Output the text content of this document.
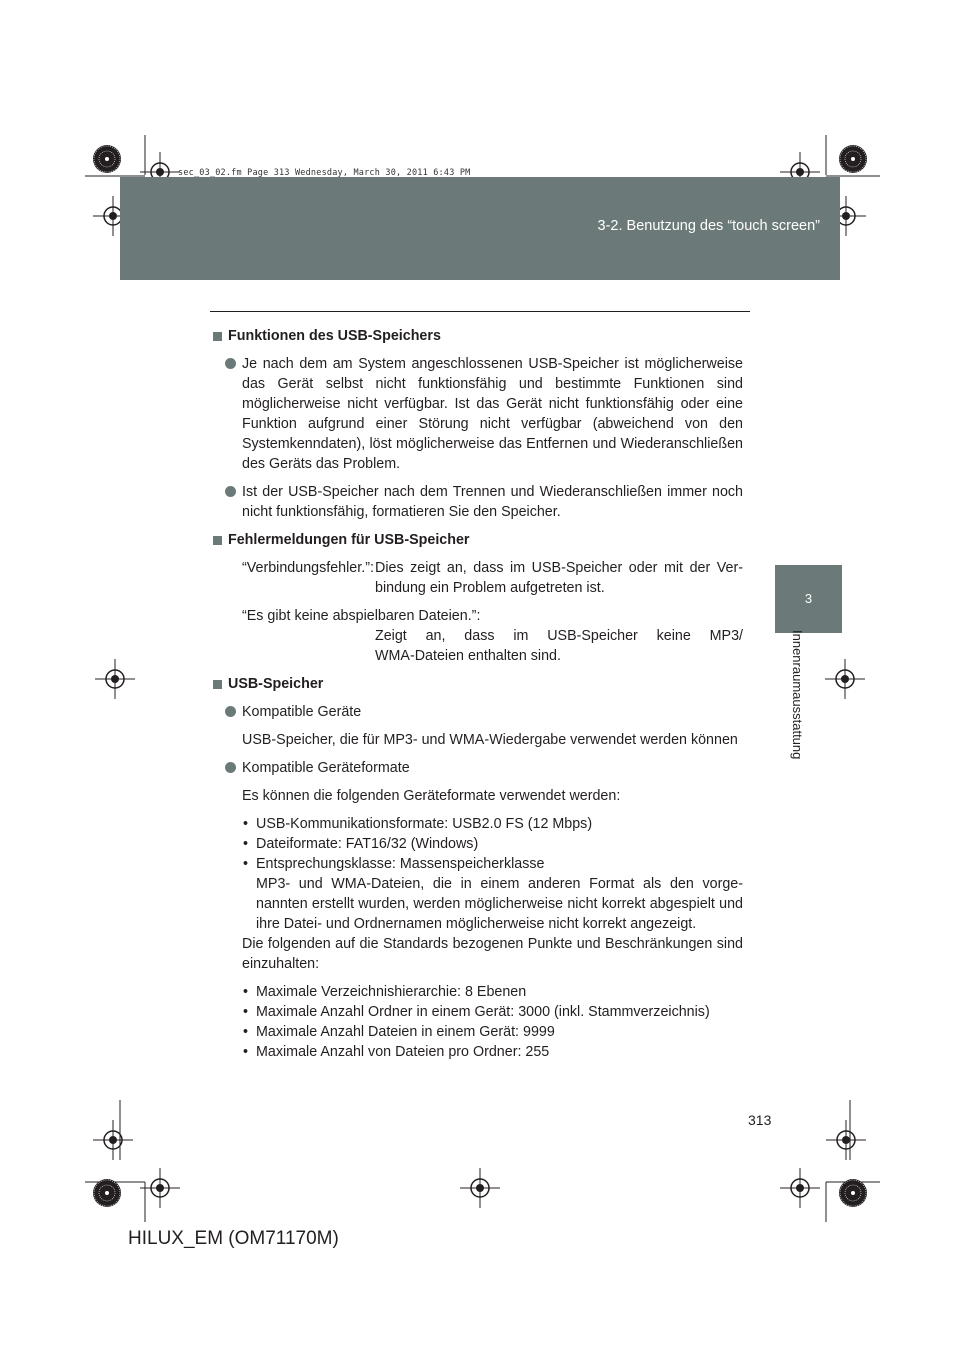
sec_03_02.fm Page 313 Wednesday, March 30, 2011 6:43 PM
3-2. Benutzung des “touch screen”
3
Innenraumausstattung
Funktionen des USB-Speichers
Je nach dem am System angeschlossenen USB-Speicher ist möglicherweise das Gerät selbst nicht funktionsfähig und bestimmte Funktionen sind möglicherweise nicht verfügbar. Ist das Gerät nicht funktionsfähig oder eine Funktion aufgrund einer Störung nicht verfügbar (abweichend von den Systemkenndaten), löst möglicherweise das Entfernen und Wiederanschließen des Geräts das Problem.
Ist der USB-Speicher nach dem Trennen und Wiederanschließen immer noch nicht funktionsfähig, formatieren Sie den Speicher.
Fehlermeldungen für USB-Speicher
“Verbindungsfehler.”: Dies zeigt an, dass im USB-Speicher oder mit der Verbindung ein Problem aufgetreten ist.
“Es gibt keine abspielbaren Dateien.”:
Zeigt an, dass im USB-Speicher keine MP3/
WMA-Dateien enthalten sind.
USB-Speicher
Kompatible Geräte
USB-Speicher, die für MP3- und WMA-Wiedergabe verwendet werden können
Kompatible Geräteformate
Es können die folgenden Geräteformate verwendet werden:
• USB-Kommunikationsformate: USB2.0 FS (12 Mbps)
• Dateiformate: FAT16/32 (Windows)
• Entsprechungsklasse: Massenspeicherklasse
MP3- und WMA-Dateien, die in einem anderen Format als den vorgenannten erstellt wurden, werden möglicherweise nicht korrekt abgespielt und ihre Datei- und Ordnernamen möglicherweise nicht korrekt angezeigt.
Die folgenden auf die Standards bezogenen Punkte und Beschränkungen sind einzuhalten:
• Maximale Verzeichnishierarchie: 8 Ebenen
• Maximale Anzahl Ordner in einem Gerät: 3000 (inkl. Stammverzeichnis)
• Maximale Anzahl Dateien in einem Gerät: 9999
• Maximale Anzahl von Dateien pro Ordner: 255
313
HILUX_EM (OM71170M)
